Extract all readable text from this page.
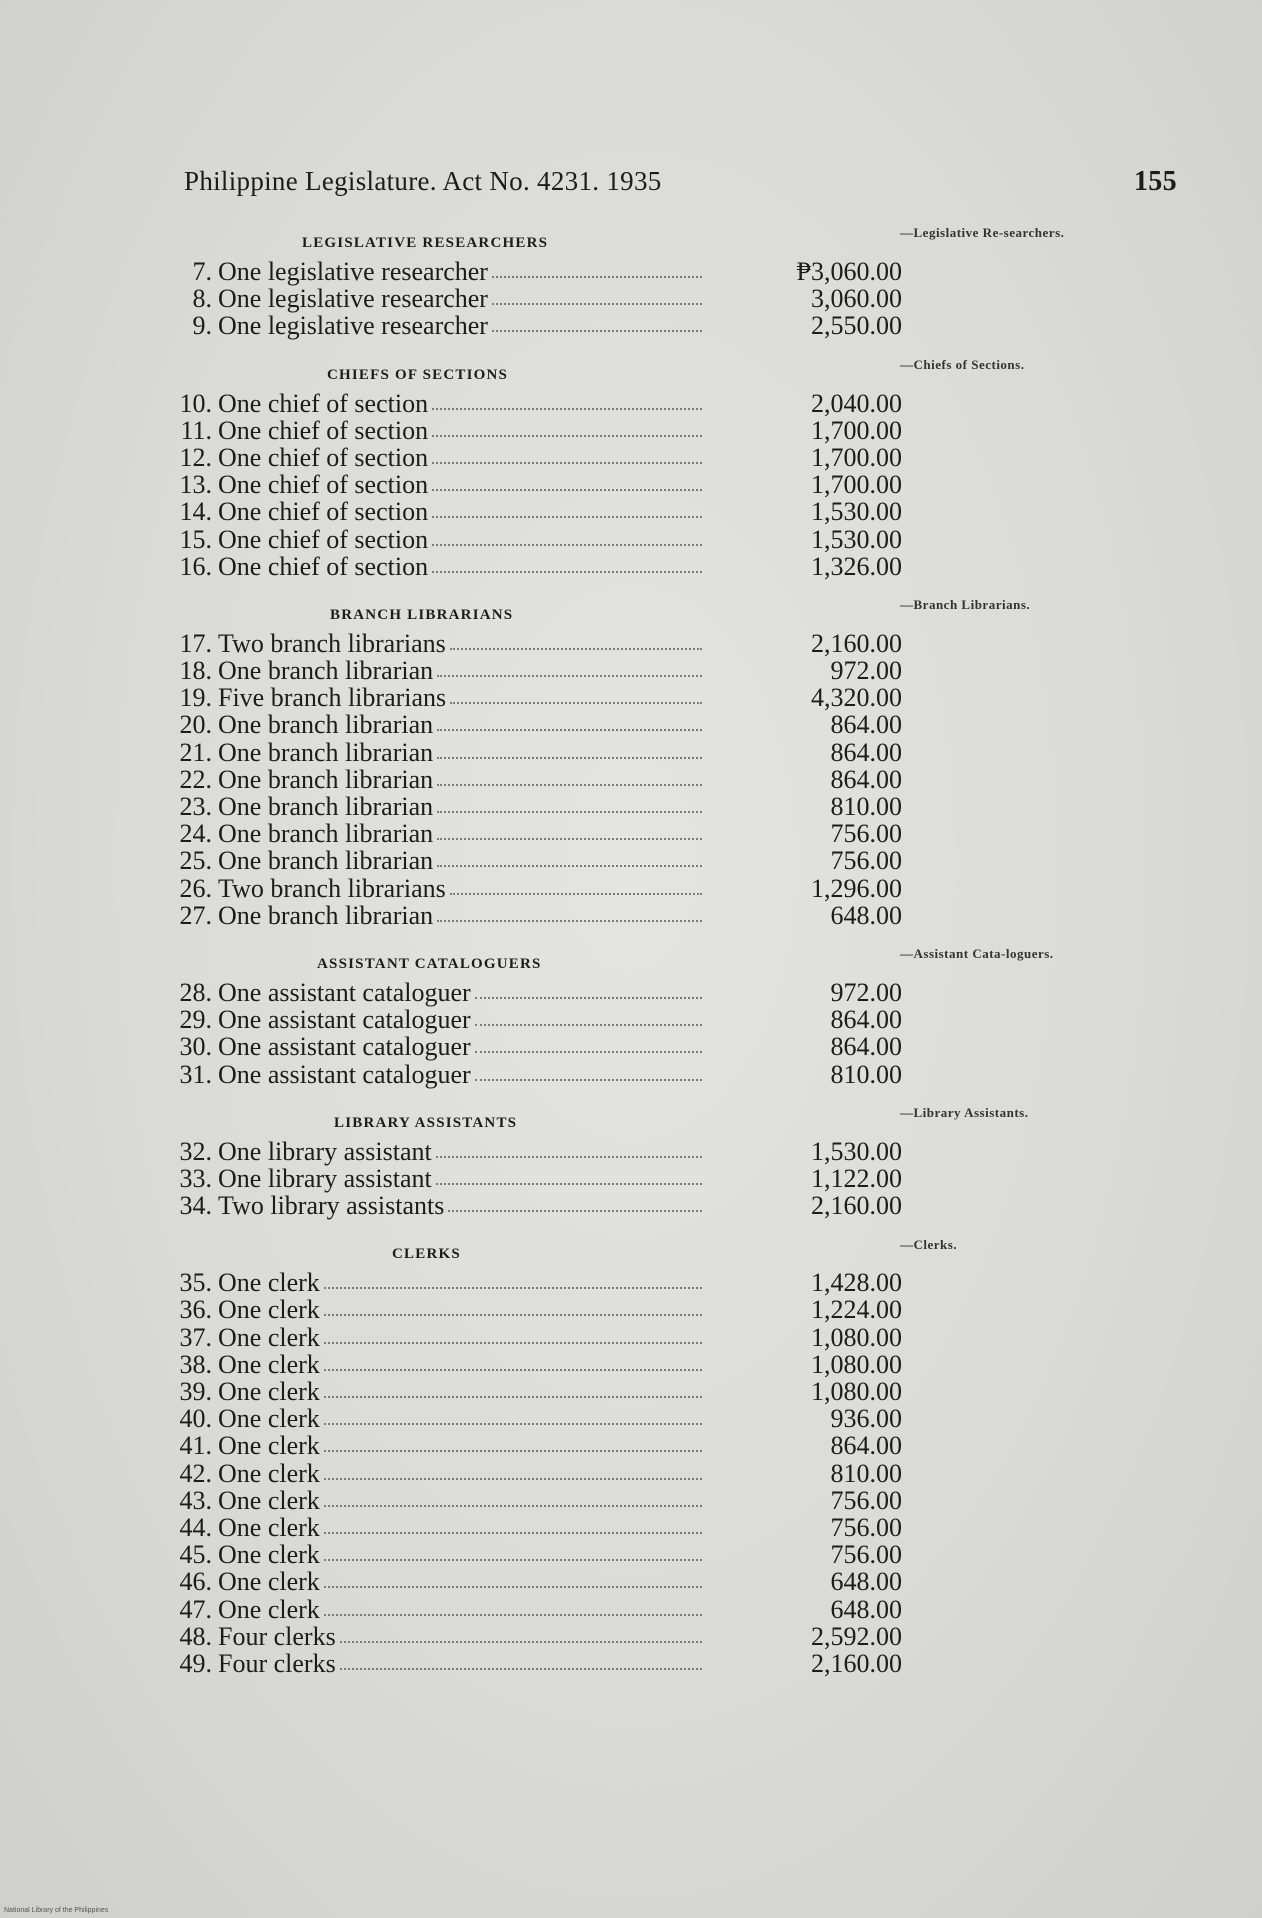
Philippine Legislature. Act No. 4231. 1935	155
LEGISLATIVE RESEARCHERS
7. One legislative researcher	₱3,060.00
8. One legislative researcher	3,060.00
9. One legislative researcher	2,550.00
CHIEFS OF SECTIONS
10. One chief of section	2,040.00
11. One chief of section	1,700.00
12. One chief of section	1,700.00
13. One chief of section	1,700.00
14. One chief of section	1,530.00
15. One chief of section	1,530.00
16. One chief of section	1,326.00
BRANCH LIBRARIANS
17. Two branch librarians	2,160.00
18. One branch librarian	972.00
19. Five branch librarians	4,320.00
20. One branch librarian	864.00
21. One branch librarian	864.00
22. One branch librarian	864.00
23. One branch librarian	810.00
24. One branch librarian	756.00
25. One branch librarian	756.00
26. Two branch librarians	1,296.00
27. One branch librarian	648.00
ASSISTANT CATALOGUERS
28. One assistant cataloguer	972.00
29. One assistant cataloguer	864.00
30. One assistant cataloguer	864.00
31. One assistant cataloguer	810.00
LIBRARY ASSISTANTS
32. One library assistant	1,530.00
33. One library assistant	1,122.00
34. Two library assistants	2,160.00
CLERKS
35. One clerk	1,428.00
36. One clerk	1,224.00
37. One clerk	1,080.00
38. One clerk	1,080.00
39. One clerk	1,080.00
40. One clerk	936.00
41. One clerk	864.00
42. One clerk	810.00
43. One clerk	756.00
44. One clerk	756.00
45. One clerk	756.00
46. One clerk	648.00
47. One clerk	648.00
48. Four clerks	2,592.00
49. Four clerks	2,160.00
—Legislative Re-searchers.
—Chiefs of Sections.
—Branch Librarians.
—Assistant Cata-loguers.
—Library Assistants.
—Clerks.
National Library of the Philippines
